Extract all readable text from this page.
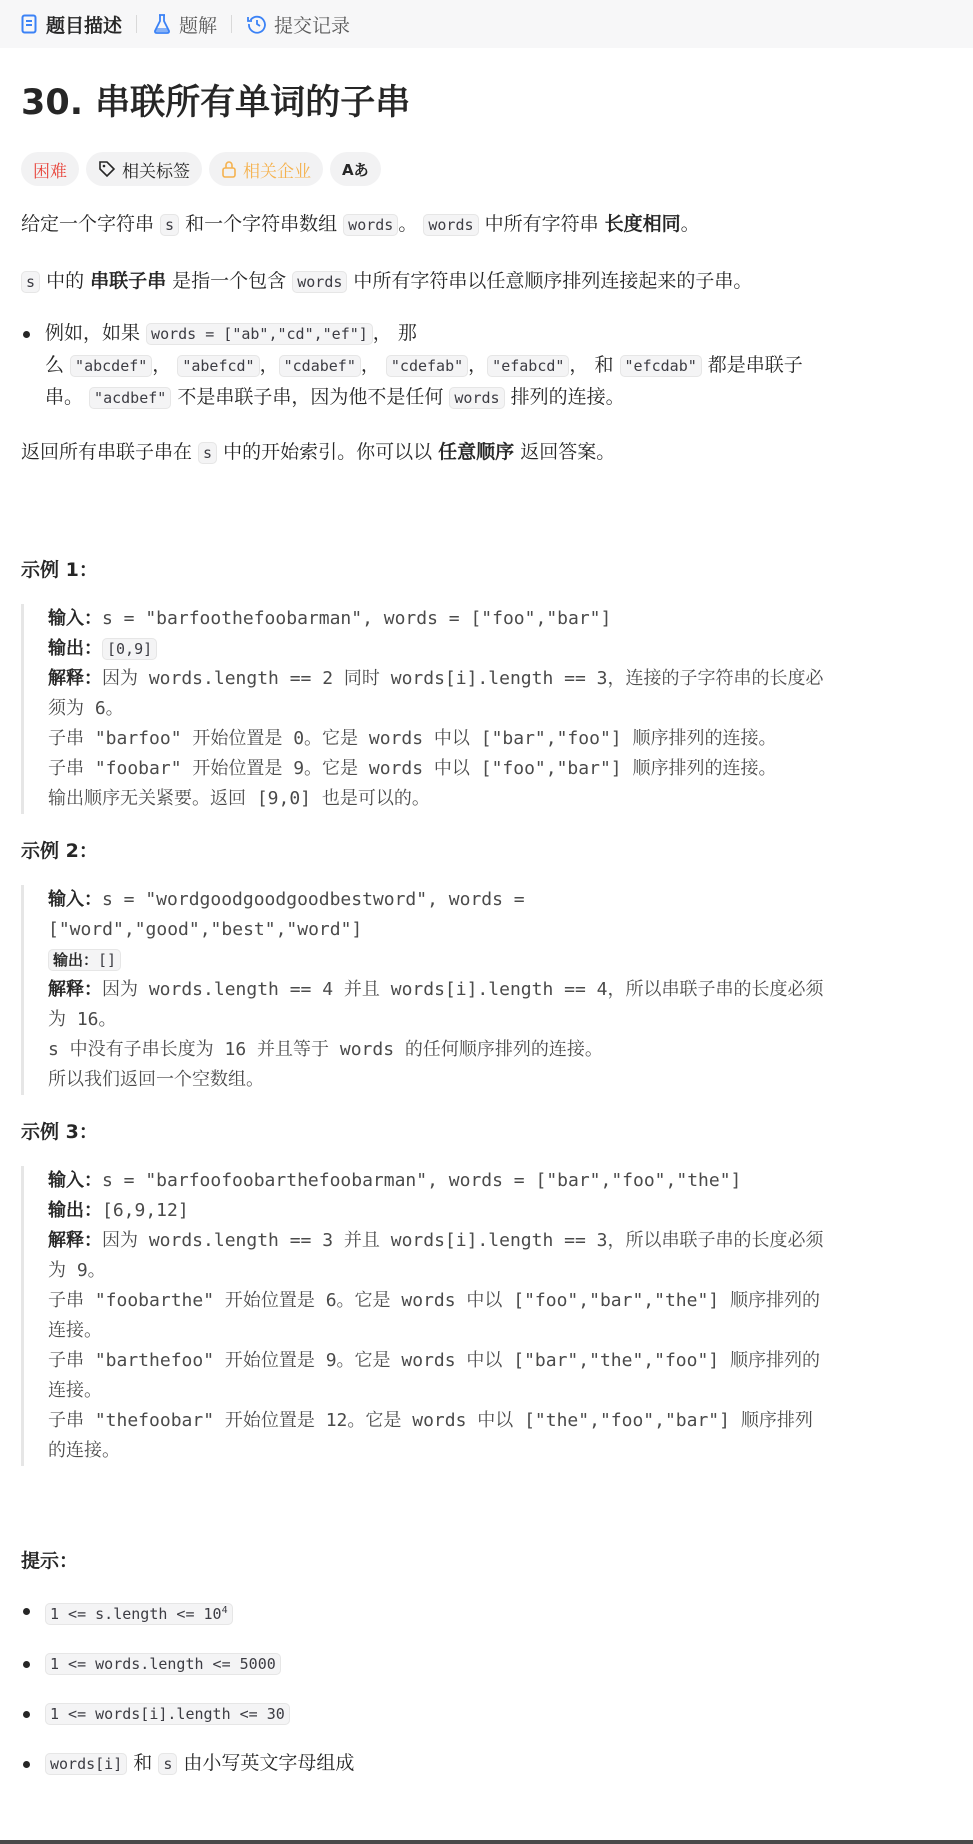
题目描述	题解	提交记录
30. 串联所有单词的子串
困难	相关标签	相关企业 Aあ

给定一个字符串 s 和一个字符串数组 words 。 words 中所有字符串 长度相同。

s 中的 串联子串 是指一个包含 words 中所有字符串以任意顺序排列连接起来的子串。

例如，如果 words = ["ab","cd","ef"] ， 那
么 "abcdef" ， "abefcd" ， "cdabef" ， "cdefab" ， "efabcd" ， 和 "efcdab" 都是串联子
串。 "acdbef" 不是串联子串，因为他不是任何 words 排列的连接。

返回所有串联子串在 s 中的开始索引。你可以以 任意顺序 返回答案。

示例 1：
输入：s = "barfoothefoobarman", words = ["foo","bar"]
输出： [0,9]
解释：因为 words.length == 2 同时 words[i].length == 3，连接的子字符串的长度必
须为 6。
子串 "barfoo" 开始位置是 0。它是 words 中以 ["bar","foo"] 顺序排列的连接。
子串 "foobar" 开始位置是 9。它是 words 中以 ["foo","bar"] 顺序排列的连接。
输出顺序无关紧要。返回 [9,0] 也是可以的。
示例 2：
输入：s = "wordgoodgoodgoodbestword", words =
["word","good","best","word"]
输出：[]
解释：因为 words.length == 4 并且 words[i].length == 4，所以串联子串的长度必须
为 16。
s 中没有子串长度为 16 并且等于 words 的任何顺序排列的连接。
所以我们返回一个空数组。
示例 3：
输入：s = "barfoofoobarthefoobarman", words = ["bar","foo","the"]
输出：[6,9,12]
解释：因为 words.length == 3 并且 words[i].length == 3，所以串联子串的长度必须
为 9。
子串 "foobarthe" 开始位置是 6。它是 words 中以 ["foo","bar","the"] 顺序排列的
连接。
子串 "barthefoo" 开始位置是 9。它是 words 中以 ["bar","the","foo"] 顺序排列的
连接。
子串 "thefoobar" 开始位置是 12。它是 words 中以 ["the","foo","bar"] 顺序排列
的连接。
提示：
1 <= s.length <= $10^4$
1 <= words.length <= 5000
1 <= words[i].length <= 30
words[i] 和 s 由小写英文字母组成
